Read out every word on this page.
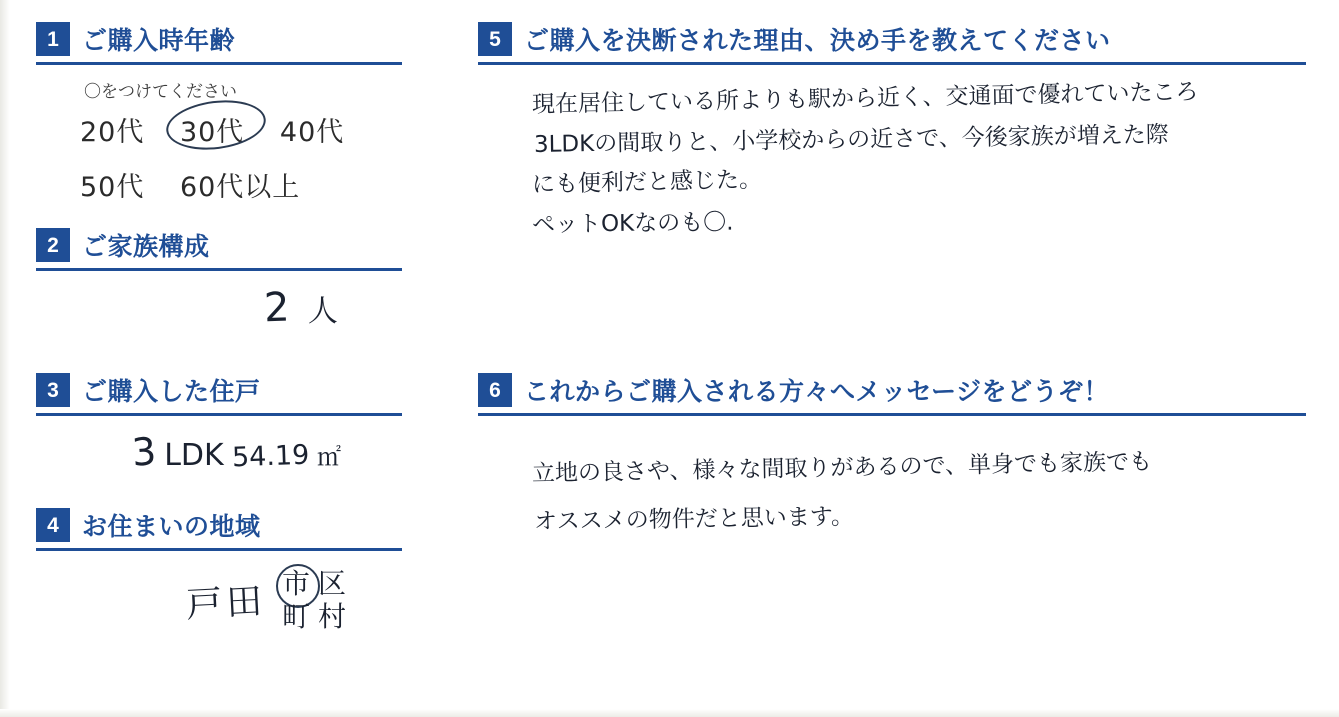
1 ご購入時年齢
〇をつけてください
20代 30代 40代
50代 60代以上
2 ご家族構成
2 人
3 ご購入した住戸
3 LDK 54.19 ㎡
4 お住まいの地域
戸田 市 区
町 村
5 ご購入を決断された理由、決め手を教えてください
現在居住している所よりも駅から近く、交通面で優れていたころ
3LDKの間取りと、小学校からの近さで、今後家族が増えた際
にも便利だと感じた。
ペットOKなのも〇.
6 これからご購入される方々へメッセージをどうぞ！
立地の良さや、様々な間取りがあるので、単身でも家族でも
オススメの物件だと思います。
